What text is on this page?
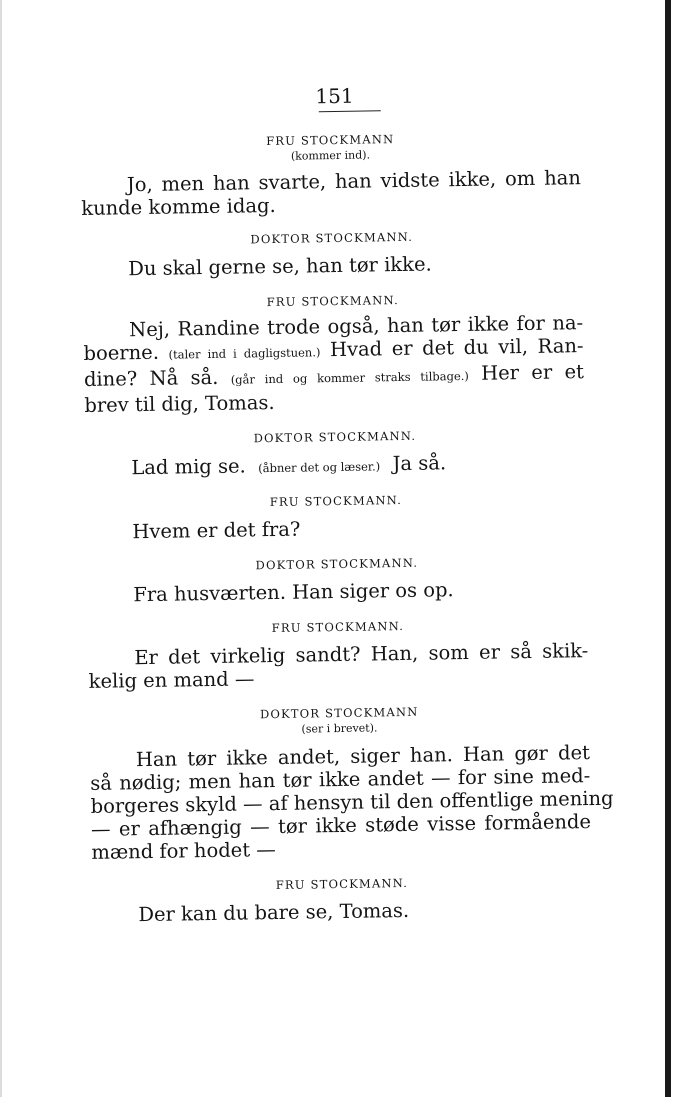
151

FRU STOCKMANN

(kommer ind).

Jo, men han svarte, han vidste ikke, om han
kunde komme idag.

DOKTOR STOCKMANN.

Du skal gerne se, han tør ikke.

FRU STOCKMANN.

Nej, Randine trode også, han tør ikke for na-
boerne. (taler ind i dagligstuen.) Hvad er det du vil, Ran-
dine? Nå så. (går ind og kommer straks tilbage.) Her er et
brev til dig, Tomas.

DOKTOR STOCKMANN.

Lad mig se. (åbner det og læser.) Ja så.

FRU STOCKMANN.

Hvem er det fra?

DOKTOR STOCKMANN.

Fra husværten. Han siger os op.

FRU STOCKMANN.

Er det virkelig sandt? Han, som er så skik-
kelig en mand —

DOKTOR STOCKMANN

(ser i brevet).

Han tør ikke andet, siger han. Han gør det
så nødig; men han tør ikke andet — for sine med-
borgeres skyld — af hensyn til den offentlige mening
— er afhængig — tør ikke støde visse formående
mænd for hodet —

FRU STOCKMANN.

Der kan du bare se, Tomas.
